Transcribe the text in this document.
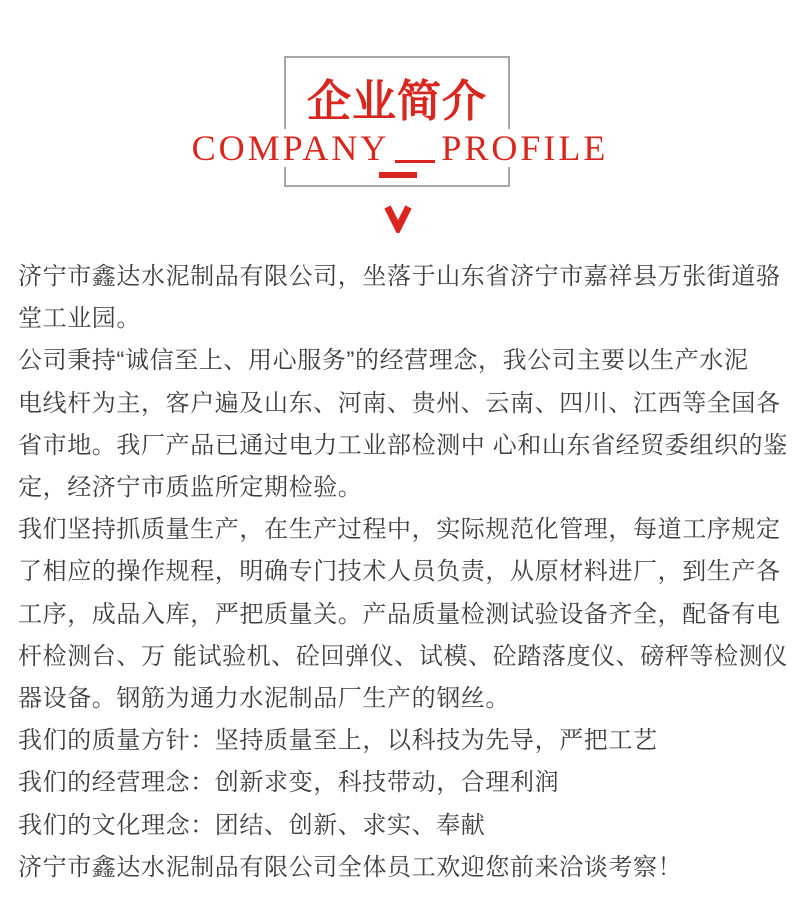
企业简介
COMPANY PROFILE
济宁市鑫达水泥制品有限公司，坐落于山东省济宁市嘉祥县万张街道骆
堂工业园。
公司秉持“诚信至上、用心服务”的经营理念，我公司主要以生产水泥
电线杆为主，客户遍及山东、河南、贵州、云南、四川、江西等全国各
省市地。我厂产品已通过电力工业部检测中 心和山东省经贸委组织的鉴
定，经济宁市质监所定期检验。
我们坚持抓质量生产，在生产过程中，实际规范化管理，每道工序规定
了相应的操作规程，明确专门技术人员负责，从原材料进厂，到生产各
工序，成品入库，严把质量关。产品质量检测试验设备齐全，配备有电
杆检测台、万 能试验机、砼回弹仪、试模、砼踏落度仪、磅秤等检测仪
器设备。钢筋为通力水泥制品厂生产的钢丝。
我们的质量方针：坚持质量至上，以科技为先导，严把工艺
我们的经营理念：创新求变，科技带动，合理利润
我们的文化理念：团结、创新、求实、奉献
济宁市鑫达水泥制品有限公司全体员工欢迎您前来洽谈考察！
